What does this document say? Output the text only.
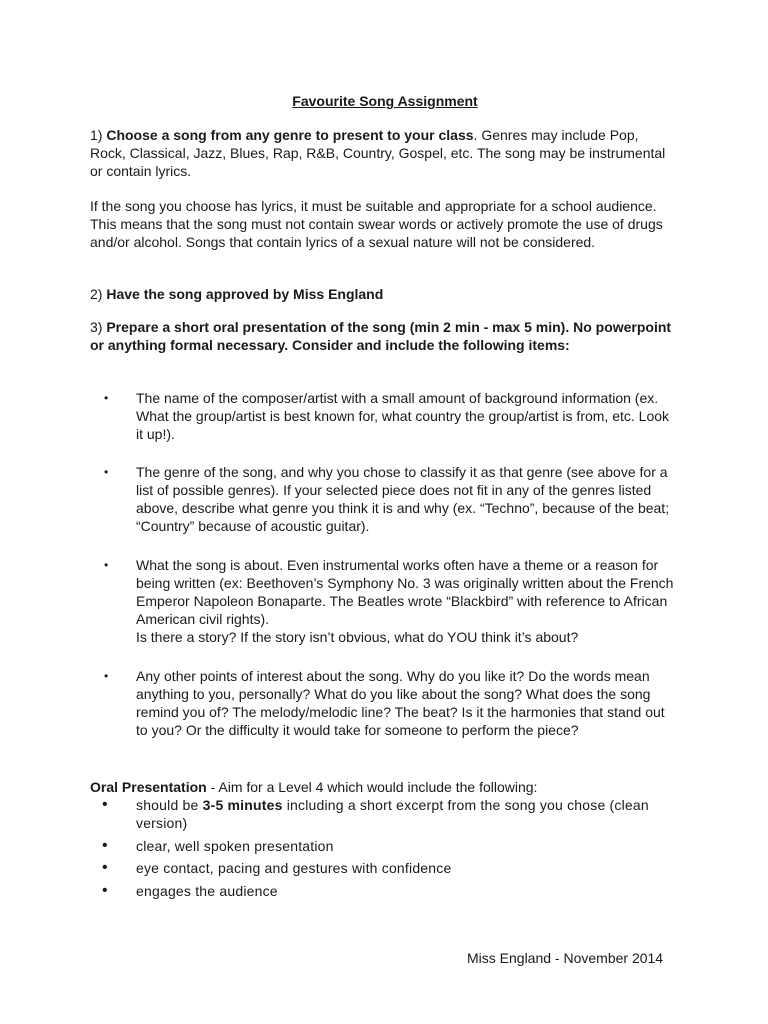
Favourite Song Assignment

1) Choose a song from any genre to present to your class. Genres may include Pop, Rock, Classical, Jazz, Blues, Rap, R&B, Country, Gospel, etc. The song may be instrumental or contain lyrics.

If the song you choose has lyrics, it must be suitable and appropriate for a school audience. This means that the song must not contain swear words or actively promote the use of drugs and/or alcohol. Songs that contain lyrics of a sexual nature will not be considered.

2) Have the song approved by Miss England

3) Prepare a short oral presentation of the song (min 2 min - max 5 min). No powerpoint or anything formal necessary. Consider and include the following items:

• The name of the composer/artist with a small amount of background information (ex. What the group/artist is best known for, what country the group/artist is from, etc. Look it up!).

• The genre of the song, and why you chose to classify it as that genre (see above for a list of possible genres). If your selected piece does not fit in any of the genres listed above, describe what genre you think it is and why (ex. “Techno”, because of the beat; “Country” because of acoustic guitar).

• What the song is about. Even instrumental works often have a theme or a reason for being written (ex: Beethoven’s Symphony No. 3 was originally written about the French Emperor Napoleon Bonaparte. The Beatles wrote “Blackbird” with reference to African American civil rights).
Is there a story? If the story isn’t obvious, what do YOU think it’s about?

• Any other points of interest about the song. Why do you like it? Do the words mean anything to you, personally? What do you like about the song? What does the song remind you of? The melody/melodic line? The beat? Is it the harmonies that stand out to you? Or the difficulty it would take for someone to perform the piece?

Oral Presentation - Aim for a Level 4 which would include the following:

• should be 3-5 minutes including a short excerpt from the song you chose (clean version)

• clear, well spoken presentation

• eye contact, pacing and gestures with confidence

• engages the audience

Miss England - November 2014
